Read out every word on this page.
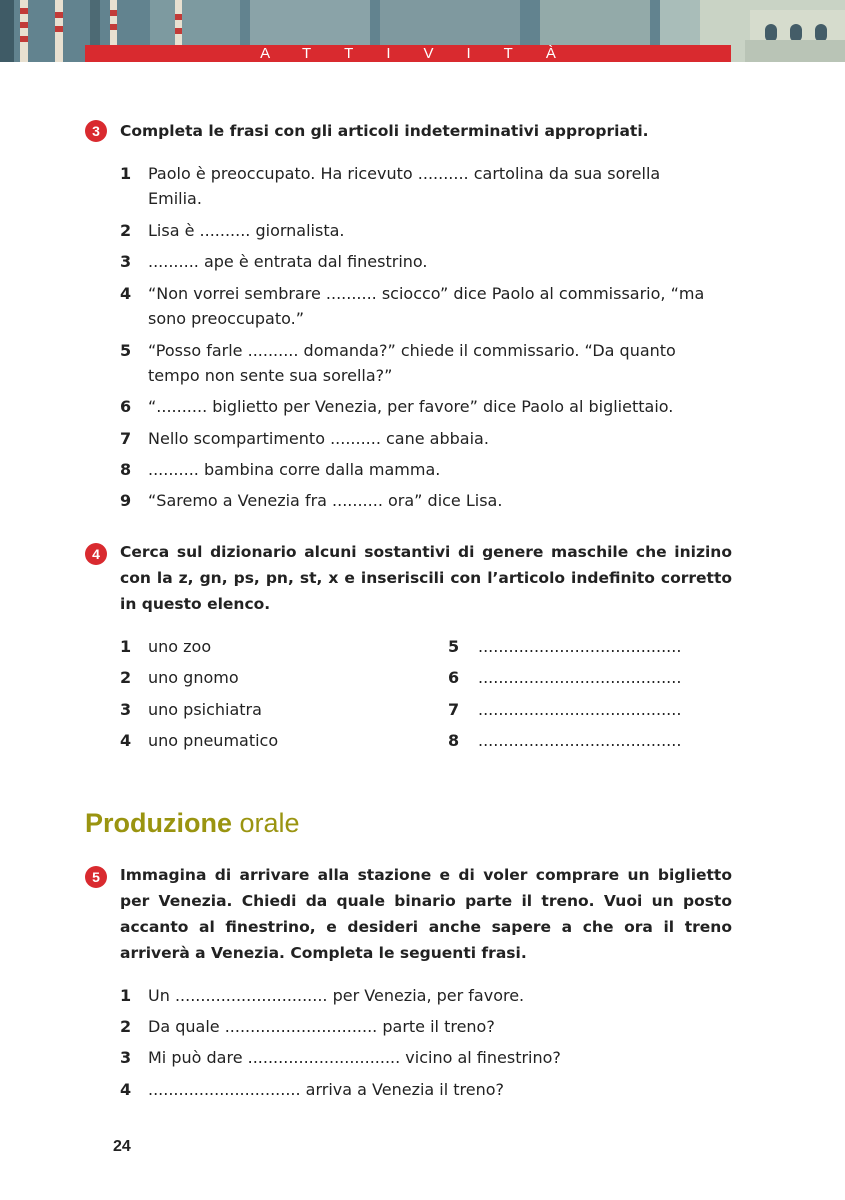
ATTIVITÀ
3	Completa le frasi con gli articoli indeterminativi appropriati.
1 Paolo è preoccupato. Ha ricevuto .......... cartolina da sua sorella Emilia.
2 Lisa è .......... giornalista.
3 .......... ape è entrata dal finestrino.
4 “Non vorrei sembrare .......... sciocco” dice Paolo al commissario, “ma sono preoccupato.”
5 “Posso farle .......... domanda?” chiede il commissario. “Da quanto tempo non sente sua sorella?”
6 “.......... biglietto per Venezia, per favore” dice Paolo al bigliettaio.
7 Nello scompartimento .......... cane abbaia.
8 .......... bambina corre dalla mamma.
9 “Saremo a Venezia fra .......... ora” dice Lisa.
4	Cerca sul dizionario alcuni sostantivi di genere maschile che inizino con la z, gn, ps, pn, st, x e inseriscili con l’articolo indefinito corretto in questo elenco.
1 uno zoo
2 uno gnomo
3 uno psichiatra
4 uno pneumatico
5 ........................................
6 ........................................
7 ........................................
8 ........................................
Produzione orale
5	Immagina di arrivare alla stazione e di voler comprare un biglietto per Venezia. Chiedi da quale binario parte il treno. Vuoi un posto accanto al finestrino, e desideri anche sapere a che ora il treno arriverà a Venezia. Completa le seguenti frasi.
1 Un .............................. per Venezia, per favore.
2 Da quale .............................. parte il treno?
3 Mi può dare .............................. vicino al finestrino?
4 .............................. arriva a Venezia il treno?
24
